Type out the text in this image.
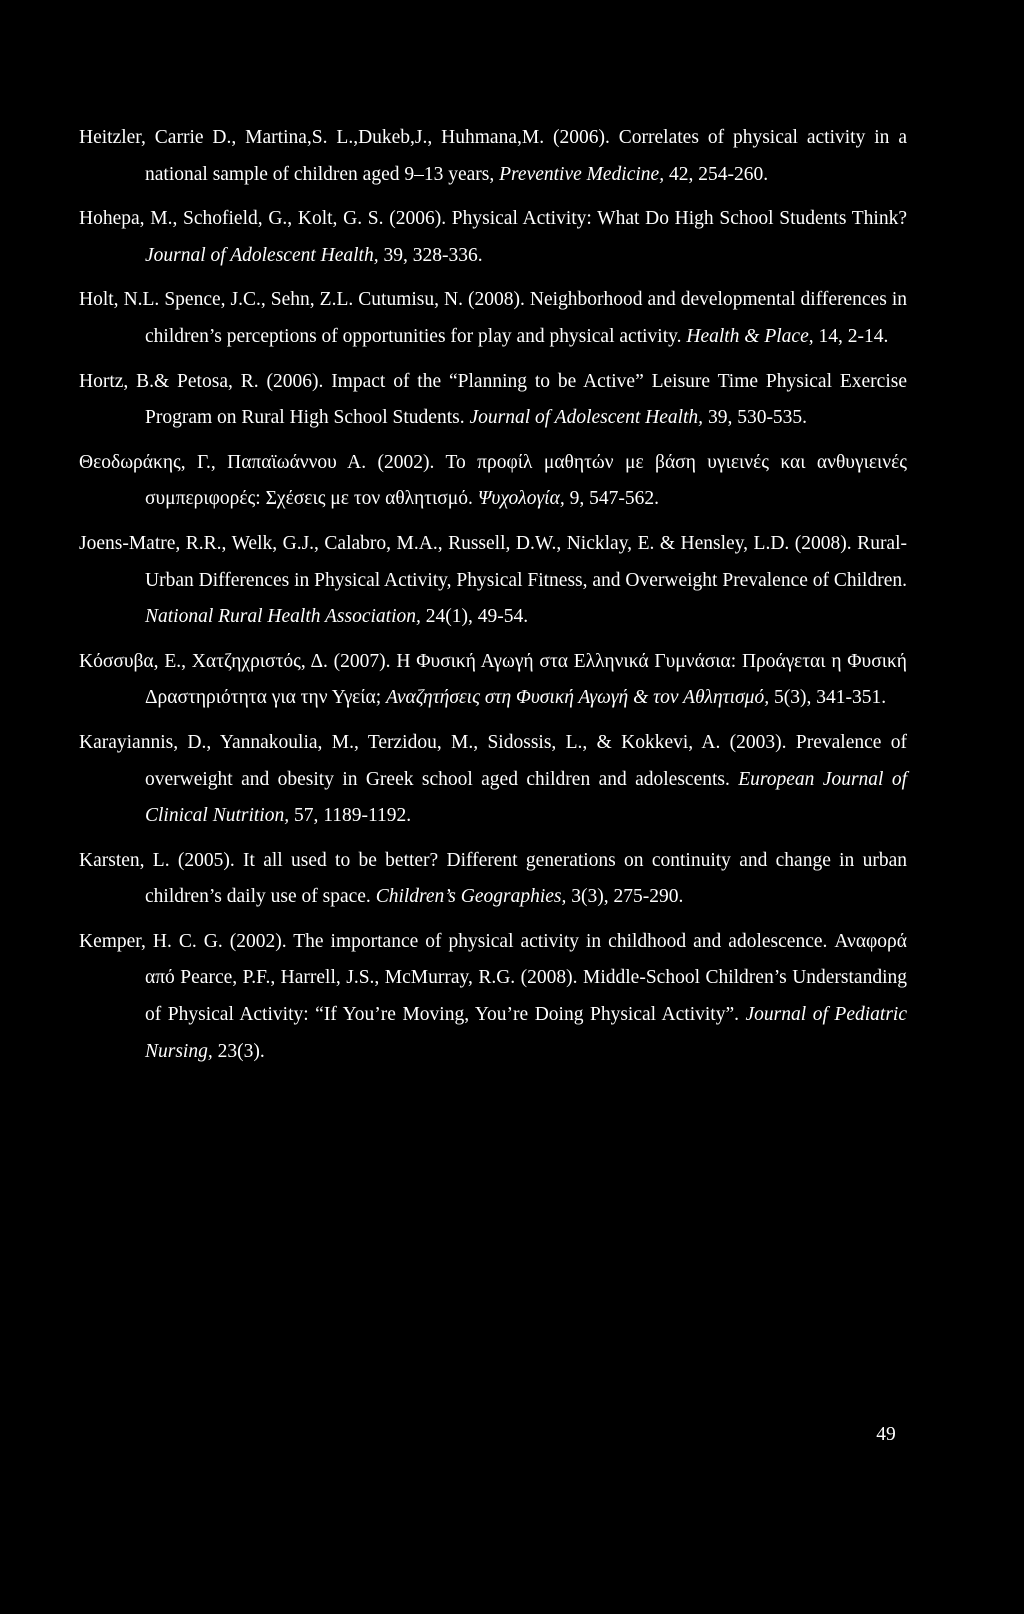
Heitzler, Carrie D., Martina,S. L.,Dukeb,J., Huhmana,M. (2006). Correlates of physical activity in a national sample of children aged 9–13 years, Preventive Medicine, 42, 254-260.

Hohepa, M., Schofield, G., Kolt, G. S. (2006). Physical Activity: What Do High School Students Think? Journal of Adolescent Health, 39, 328-336.

Holt, N.L. Spence, J.C., Sehn, Z.L. Cutumisu, N. (2008). Neighborhood and developmental differences in children’s perceptions of opportunities for play and physical activity. Health & Place, 14, 2-14.

Hortz, B.& Petosa, R. (2006). Impact of the “Planning to be Active” Leisure Time Physical Exercise Program on Rural High School Students. Journal of Adolescent Health, 39, 530-535.

Θεοδωράκης, Γ., Παπαϊωάννου Α. (2002). Το προφίλ μαθητών με βάση υγιεινές και ανθυγιεινές συμπεριφορές: Σχέσεις με τον αθλητισμό. Ψυχολογία, 9, 547-562.

Joens-Matre, R.R., Welk, G.J., Calabro, M.A., Russell, D.W., Nicklay, E. & Hensley, L.D. (2008). Rural-Urban Differences in Physical Activity, Physical Fitness, and Overweight Prevalence of Children. National Rural Health Association, 24(1), 49-54.

Κόσσυβα, Ε., Χατζηχριστός, Δ. (2007). Η Φυσική Αγωγή στα Ελληνικά Γυμνάσια: Προάγεται η Φυσική Δραστηριότητα για την Υγεία; Αναζητήσεις στη Φυσική Αγωγή & τον Αθλητισμό, 5(3), 341-351.

Karayiannis, D., Yannakoulia, M., Terzidou, M., Sidossis, L., & Kokkevi, A. (2003). Prevalence of overweight and obesity in Greek school aged children and adolescents. European Journal of Clinical Nutrition, 57, 1189-1192.

Karsten, L. (2005). It all used to be better? Different generations on continuity and change in urban children’s daily use of space. Children’s Geographies, 3(3), 275-290.

Kemper, H. C. G. (2002). The importance of physical activity in childhood and adolescence. Αναφορά από Pearce, P.F., Harrell, J.S., McMurray, R.G. (2008). Middle-School Children’s Understanding of Physical Activity: “If You’re Moving, You’re Doing Physical Activity”. Journal of Pediatric Nursing, 23(3).

49
